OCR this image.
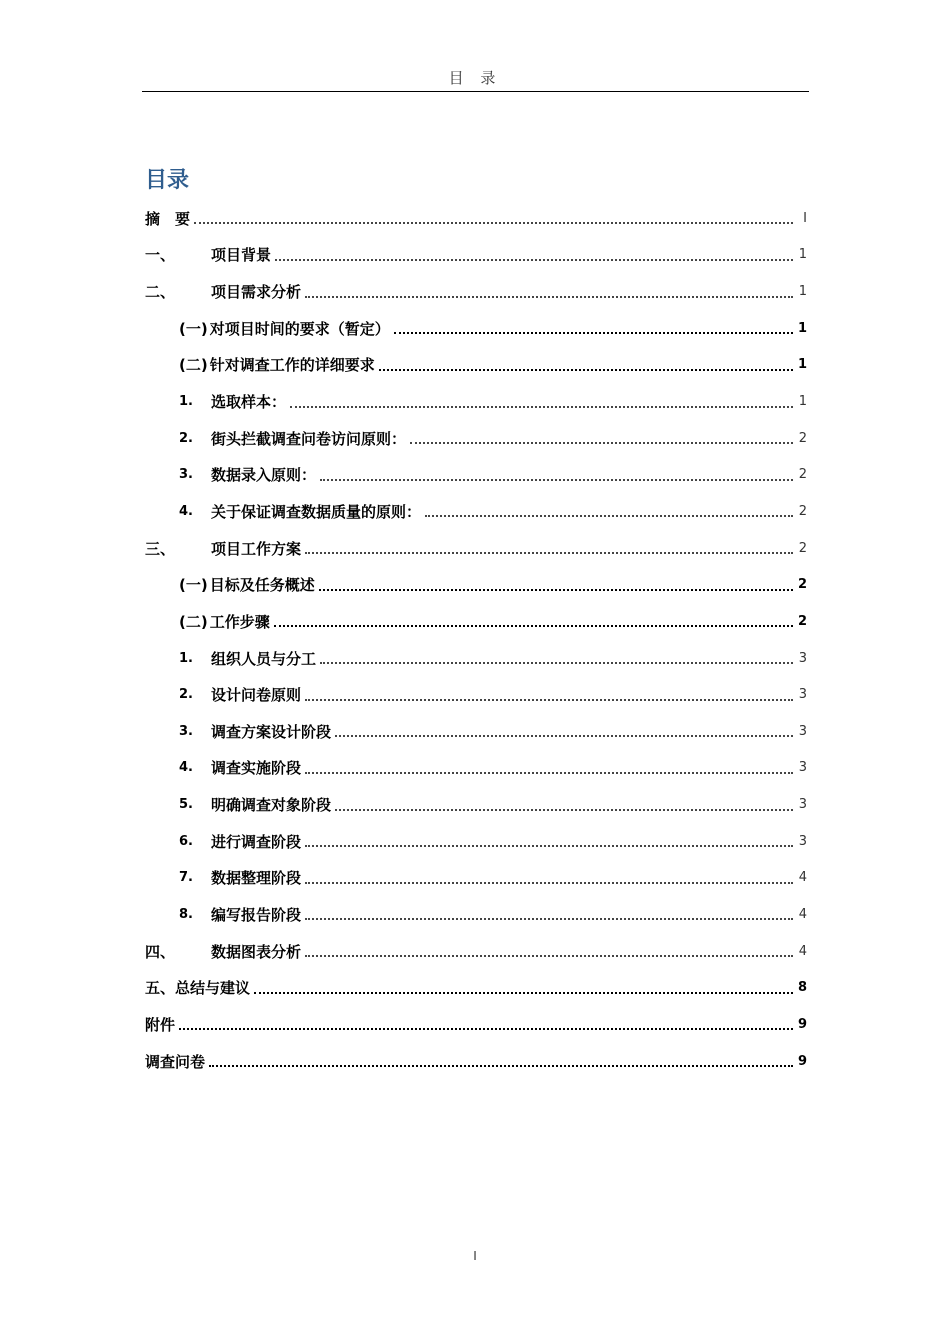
目 录
目录
摘　要	I
一、	项目背景	1
二、	项目需求分析	1
(一) 对项目时间的要求（暂定）	1
(二) 针对调查工作的详细要求	1
1.	选取样本：	1
2.	街头拦截调查问卷访问原则：	2
3.	数据录入原则：	2
4.	关于保证调查数据质量的原则：	2
三、	项目工作方案	2
(一) 目标及任务概述	2
(二) 工作步骤	2
1.	组织人员与分工	3
2.	设计问卷原则	3
3.	调查方案设计阶段	3
4.	调查实施阶段	3
5.	明确调查对象阶段	3
6.	进行调查阶段	3
7.	数据整理阶段	4
8.	编写报告阶段	4
四、	数据图表分析	4
五、总结与建议	8
附件	9
调查问卷	9
I
